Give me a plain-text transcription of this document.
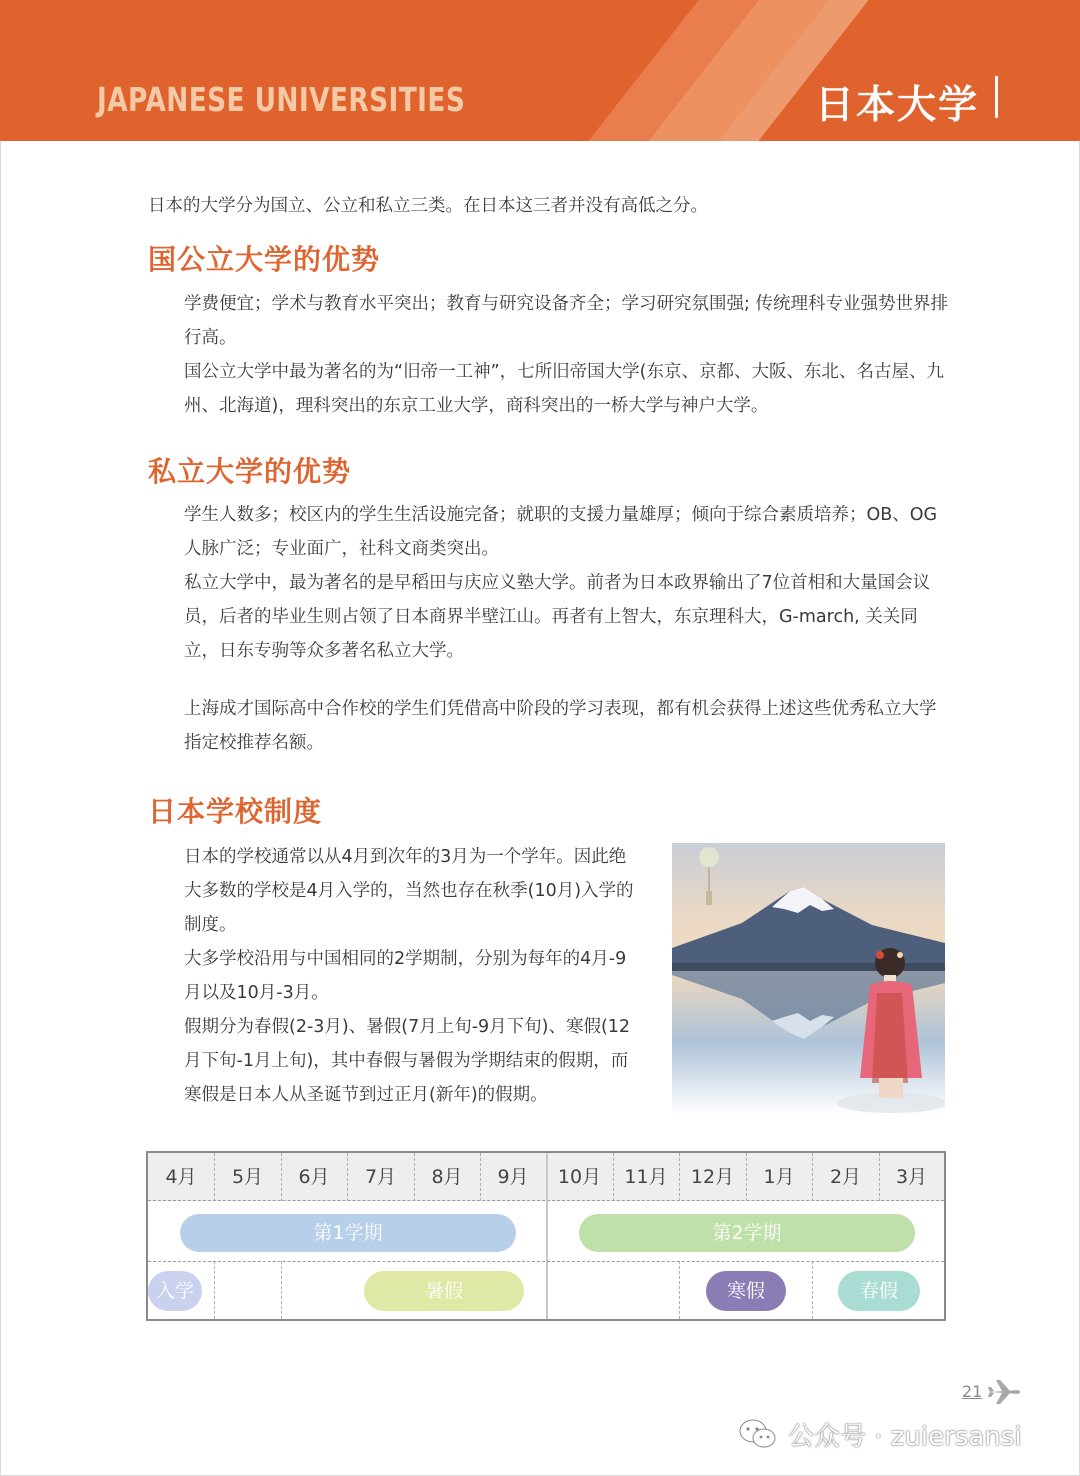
JAPANESE UNIVERSITIES	日本大学
日本的大学分为国立、公立和私立三类。在日本这三者并没有高低之分。
国公立大学的优势
学费便宜；学术与教育水平突出；教育与研究设备齐全；学习研究氛围强; 传统理科专业强势世界排行高。
国公立大学中最为著名的为“旧帝一工神”，七所旧帝国大学(东京、京都、大阪、东北、名古屋、九州、北海道)，理科突出的东京工业大学，商科突出的一桥大学与神户大学。
私立大学的优势
学生人数多；校区内的学生生活设施完备；就职的支援力量雄厚；倾向于综合素质培养；OB、OG 人脉广泛；专业面广，社科文商类突出。
私立大学中，最为著名的是早稻田与庆应义塾大学。前者为日本政界输出了7位首相和大量国会议员，后者的毕业生则占领了日本商界半壁江山。再者有上智大，东京理科大，G-march, 关关同立，日东专驹等众多著名私立大学。
上海成才国际高中合作校的学生们凭借高中阶段的学习表现，都有机会获得上述这些优秀私立大学指定校推荐名额。
日本学校制度
日本的学校通常以从4月到次年的3月为一个学年。因此绝大多数的学校是4月入学的，当然也存在秋季(10月)入学的制度。
大多学校沿用与中国相同的2学期制，分别为每年的4月-9月以及10月-3月。
假期分为春假(2-3月)、暑假(7月上旬-9月下旬)、寒假(12月下旬-1月上旬)，其中春假与暑假为学期结束的假期，而寒假是日本人从圣诞节到过正月(新年)的假期。
4月	5月	6月	7月	8月	9月	10月	11月	12月	1月	2月	3月
第1学期	第2学期
入学	暑假	寒假	春假
21
公众号 · zuiersansi
